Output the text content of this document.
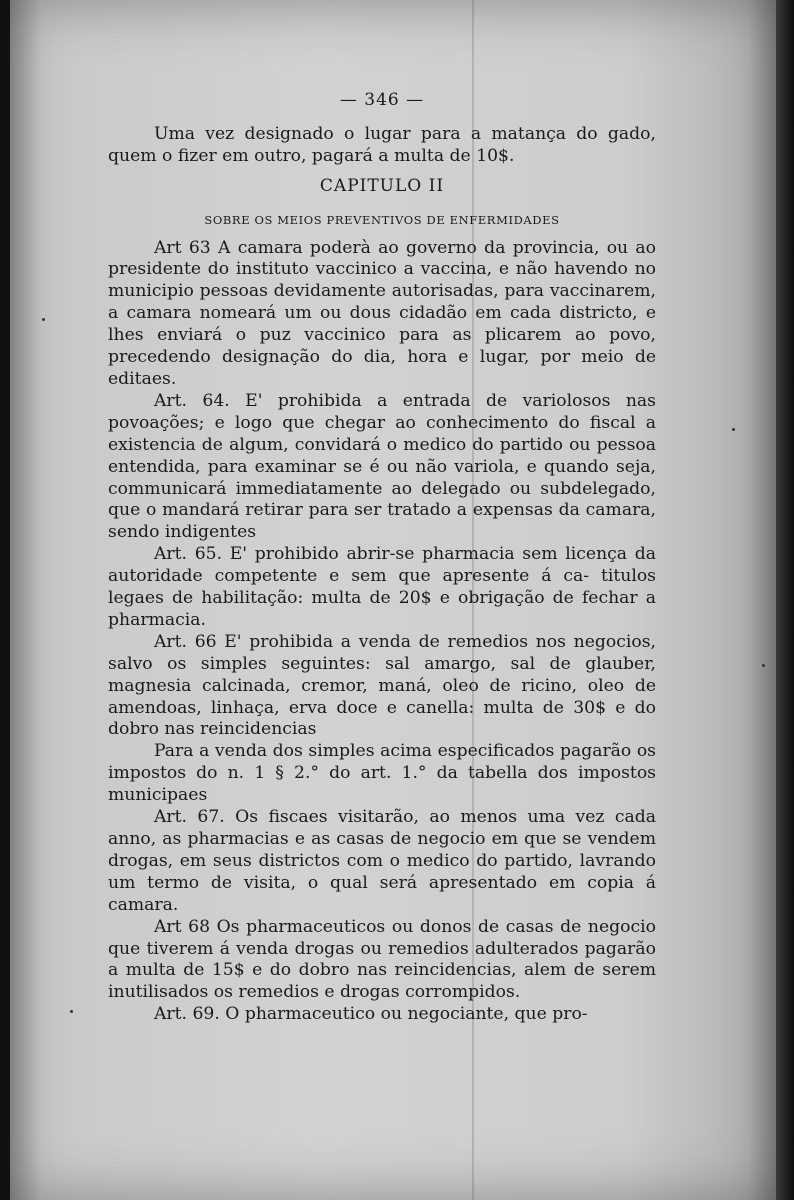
— 346 —

Uma vez designado o lugar para a matança do gado, quem o fizer em outro, pagará a multa de 10$.

CAPITULO II
SOBRE OS MEIOS PREVENTIVOS DE ENFERMIDADES

Art 63 A camara poderà ao governo da provincia, ou ao presidente do instituto vaccinico a vaccina, e não havendo no municipio pessoas devidamente autorisadas, para vaccinarem, a camara nomeará um ou dous cidadão em cada districto, e lhes enviará o puz vaccinico para as plicarem ao povo, precedendo designação do dia, hora e lugar, por meio de editaes.

Art. 64. E' prohibida a entrada de variolosos nas povoações; e logo que chegar ao conhecimento do fiscal a existencia de algum, convidará o medico do partido ou pessoa entendida, para examinar se é ou não variola, e quando seja, communicará immediatamente ao delegado ou subdelegado, que o mandará retirar para ser tratado a expensas da camara, sendo indigentes

Art. 65. E' prohibido abrir-se pharmacia sem licença da autoridade competente e sem que apresente á ca- titulos legaes de habilitação: multa de 20$ e obrigação de fechar a pharmacia.

Art. 66 E' prohibida a venda de remedios nos negocios, salvo os simples seguintes: sal amargo, sal de glauber, magnesia calcinada, cremor, maná, oleo de ricino, oleo de amendoas, linhaça, erva doce e canella: multa de 30$ e do dobro nas reincidencias

Para a venda dos simples acima especificados pagarão os impostos do n. 1 § 2.° do art. 1.° da tabella dos impostos municipaes

Art. 67. Os fiscaes visitarão, ao menos uma vez cada anno, as pharmacias e as casas de negocio em que se vendem drogas, em seus districtos com o medico do partido, lavrando um termo de visita, o qual será apresentado em copia á camara.

Art 68 Os pharmaceuticos ou donos de casas de negocio que tiverem á venda drogas ou remedios adulterados pagarão a multa de 15$ e do dobro nas reincidencias, alem de serem inutilisados os remedios e drogas corrompidos.

Art. 69. O pharmaceutico ou negociante, que pro-
